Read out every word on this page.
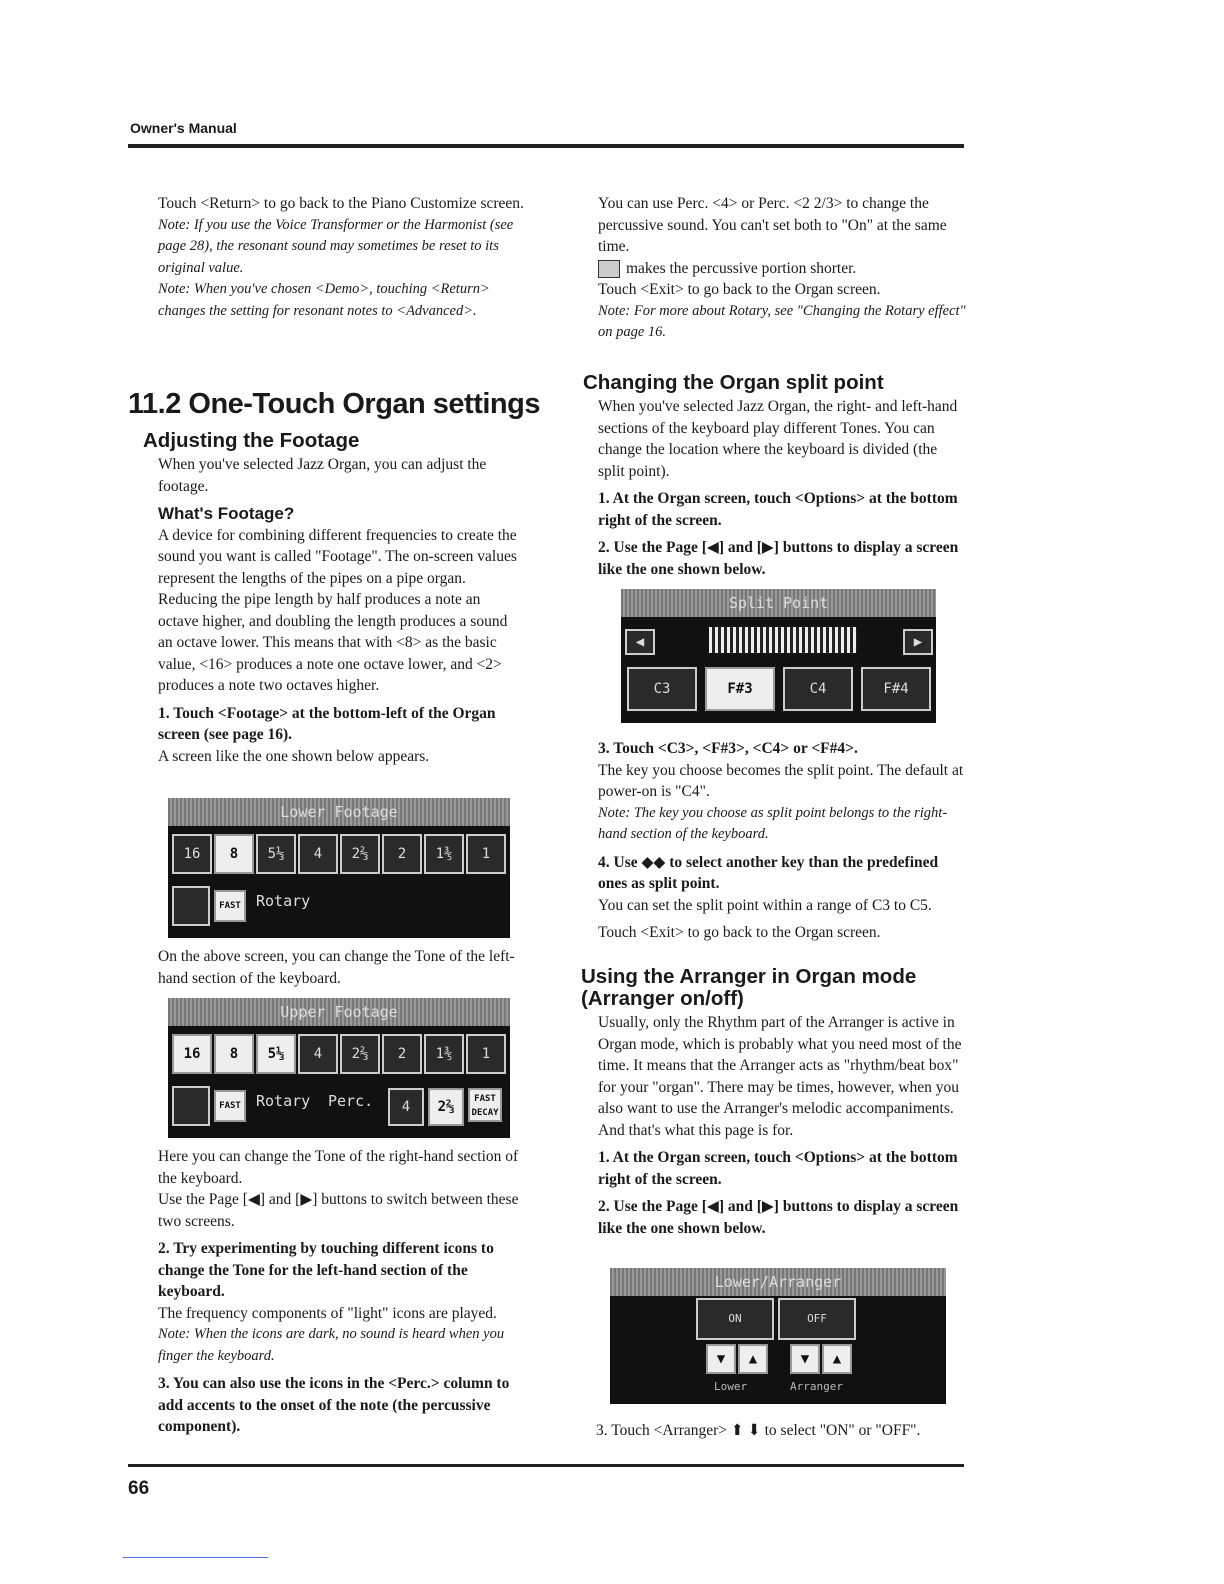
Owner's Manual

Touch <Return> to go back to the Piano Customize screen.

Note: If you use the Voice Transformer or the Harmonist (see page 28), the resonant sound may sometimes be reset to its original value.

Note: When you've chosen <Demo>, touching <Return> changes the setting for resonant notes to <Advanced>.

11.2 One-Touch Organ settings
Adjusting the Footage

When you've selected Jazz Organ, you can adjust the footage.

What's Footage?

A device for combining different frequencies to create the sound you want is called "Footage". The on-screen values represent the lengths of the pipes on a pipe organ. Reducing the pipe length by half produces a note an octave higher, and doubling the length produces a sound an octave lower. This means that with <8> as the basic value, <16> produces a note one octave lower, and <2> produces a note two octaves higher.

1. Touch <Footage> at the bottom-left of the Organ screen (see page 16).

A screen like the one shown below appears.

Lower Footage
16	8	5⅓	4	2⅔	2	1⅗	1
FAST	Rotary

On the above screen, you can change the Tone of the left-hand section of the keyboard.

Upper Footage
16	8	5⅓	4	2⅔	2	1⅗	1
FAST	Rotary Perc.	4	2⅔	FAST DECAY

Here you can change the Tone of the right-hand section of the keyboard.

Use the Page [◀] and [▶] buttons to switch between these two screens.

2. Try experimenting by touching different icons to change the Tone for the left-hand section of the keyboard.

The frequency components of "light" icons are played.

Note: When the icons are dark, no sound is heard when you finger the keyboard.

3. You can also use the icons in the <Perc.> column to add accents to the onset of the note (the percussive component).

You can use Perc. <4> or Perc. <2 2/3> to change the percussive sound. You can't set both to "On" at the same time.

makes the percussive portion shorter.

Touch <Exit> to go back to the Organ screen.

Note: For more about Rotary, see "Changing the Rotary effect" on page 16.

Changing the Organ split point

When you've selected Jazz Organ, the right- and left-hand sections of the keyboard play different Tones. You can change the location where the keyboard is divided (the split point).

1. At the Organ screen, touch <Options> at the bottom right of the screen.

2. Use the Page [◀] and [▶] buttons to display a screen like the one shown below.

Split Point
◀	▶
C3	F#3	C4	F#4

3. Touch <C3>, <F#3>, <C4> or <F#4>.

The key you choose becomes the split point. The default at power-on is "C4".

Note: The key you choose as split point belongs to the right-hand section of the keyboard.

4. Use ◆◆ to select another key than the predefined ones as split point.

You can set the split point within a range of C3 to C5.

Touch <Exit> to go back to the Organ screen.

Using the Arranger in Organ mode (Arranger on/off)

Usually, only the Rhythm part of the Arranger is active in Organ mode, which is probably what you need most of the time. It means that the Arranger acts as "rhythm/beat box" for your "organ". There may be times, however, when you also want to use the Arranger's melodic accompaniments. And that's what this page is for.

1. At the Organ screen, touch <Options> at the bottom right of the screen.

2. Use the Page [◀] and [▶] buttons to display a screen like the one shown below.

Lower/Arranger
ON	OFF
▼	▲	▼	▲
Lower	Arranger

3. Touch <Arranger> ⬆ ⬇ to select "ON" or "OFF".

66
